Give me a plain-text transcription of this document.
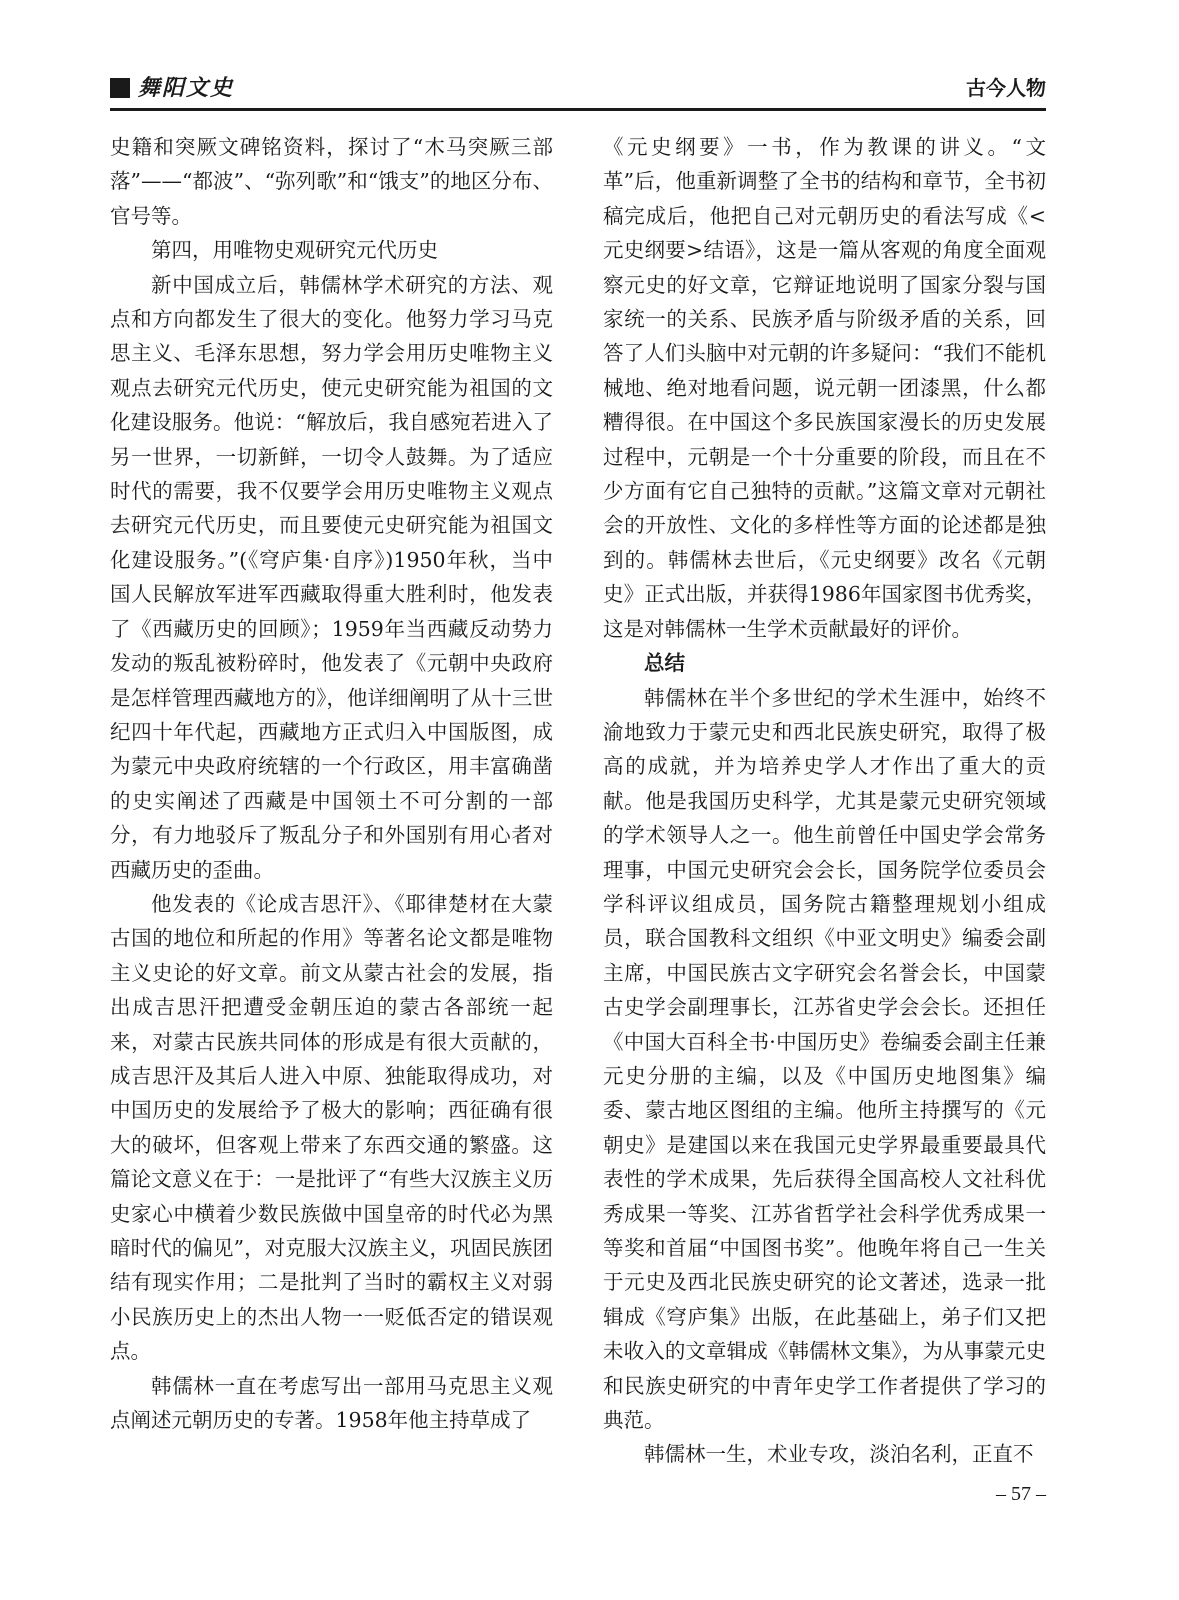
舞阳文史	古今人物

史籍和突厥文碑铭资料，探讨了“木马突厥三部落”——“都波”、“弥列歌”和“饿支”的地区分布、官号等。

第四，用唯物史观研究元代历史

新中国成立后，韩儒林学术研究的方法、观点和方向都发生了很大的变化。他努力学习马克思主义、毛泽东思想，努力学会用历史唯物主义观点去研究元代历史，使元史研究能为祖国的文化建设服务。他说：“解放后，我自感宛若进入了另一世界，一切新鲜，一切令人鼓舞。为了适应时代的需要，我不仅要学会用历史唯物主义观点去研究元代历史，而且要使元史研究能为祖国文化建设服务。”(《穹庐集·自序》)1950年秋，当中国人民解放军进军西藏取得重大胜利时，他发表了《西藏历史的回顾》；1959年当西藏反动势力发动的叛乱被粉碎时，他发表了《元朝中央政府是怎样管理西藏地方的》，他详细阐明了从十三世纪四十年代起，西藏地方正式归入中国版图，成为蒙元中央政府统辖的一个行政区，用丰富确凿的史实阐述了西藏是中国领土不可分割的一部分，有力地驳斥了叛乱分子和外国别有用心者对西藏历史的歪曲。

他发表的《论成吉思汗》、《耶律楚材在大蒙古国的地位和所起的作用》等著名论文都是唯物主义史论的好文章。前文从蒙古社会的发展，指出成吉思汗把遭受金朝压迫的蒙古各部统一起来，对蒙古民族共同体的形成是有很大贡献的，成吉思汗及其后人进入中原、独能取得成功，对中国历史的发展给予了极大的影响；西征确有很大的破坏，但客观上带来了东西交通的繁盛。这篇论文意义在于：一是批评了“有些大汉族主义历史家心中横着少数民族做中国皇帝的时代必为黑暗时代的偏见”，对克服大汉族主义，巩固民族团结有现实作用；二是批判了当时的霸权主义对弱小民族历史上的杰出人物一一贬低否定的错误观点。

韩儒林一直在考虑写出一部用马克思主义观点阐述元朝历史的专著。1958年他主持草成了

《元史纲要》一书，作为教课的讲义。“文革”后，他重新调整了全书的结构和章节，全书初稿完成后，他把自己对元朝历史的看法写成《<元史纲要>结语》，这是一篇从客观的角度全面观察元史的好文章，它辩证地说明了国家分裂与国家统一的关系、民族矛盾与阶级矛盾的关系，回答了人们头脑中对元朝的许多疑问：“我们不能机械地、绝对地看问题，说元朝一团漆黑，什么都糟得很。在中国这个多民族国家漫长的历史发展过程中，元朝是一个十分重要的阶段，而且在不少方面有它自己独特的贡献。”这篇文章对元朝社会的开放性、文化的多样性等方面的论述都是独到的。韩儒林去世后，《元史纲要》改名《元朝史》正式出版，并获得1986年国家图书优秀奖，这是对韩儒林一生学术贡献最好的评价。

总结

韩儒林在半个多世纪的学术生涯中，始终不渝地致力于蒙元史和西北民族史研究，取得了极高的成就，并为培养史学人才作出了重大的贡献。他是我国历史科学，尤其是蒙元史研究领域的学术领导人之一。他生前曾任中国史学会常务理事，中国元史研究会会长，国务院学位委员会学科评议组成员，国务院古籍整理规划小组成员，联合国教科文组织《中亚文明史》编委会副主席，中国民族古文字研究会名誉会长，中国蒙古史学会副理事长，江苏省史学会会长。还担任《中国大百科全书·中国历史》卷编委会副主任兼元史分册的主编，以及《中国历史地图集》编委、蒙古地区图组的主编。他所主持撰写的《元朝史》是建国以来在我国元史学界最重要最具代表性的学术成果，先后获得全国高校人文社科优秀成果一等奖、江苏省哲学社会科学优秀成果一等奖和首届“中国图书奖”。他晚年将自己一生关于元史及西北民族史研究的论文著述，选录一批辑成《穹庐集》出版，在此基础上，弟子们又把未收入的文章辑成《韩儒林文集》，为从事蒙元史和民族史研究的中青年史学工作者提供了学习的典范。

韩儒林一生，术业专攻，淡泊名利，正直不

– 57 –
